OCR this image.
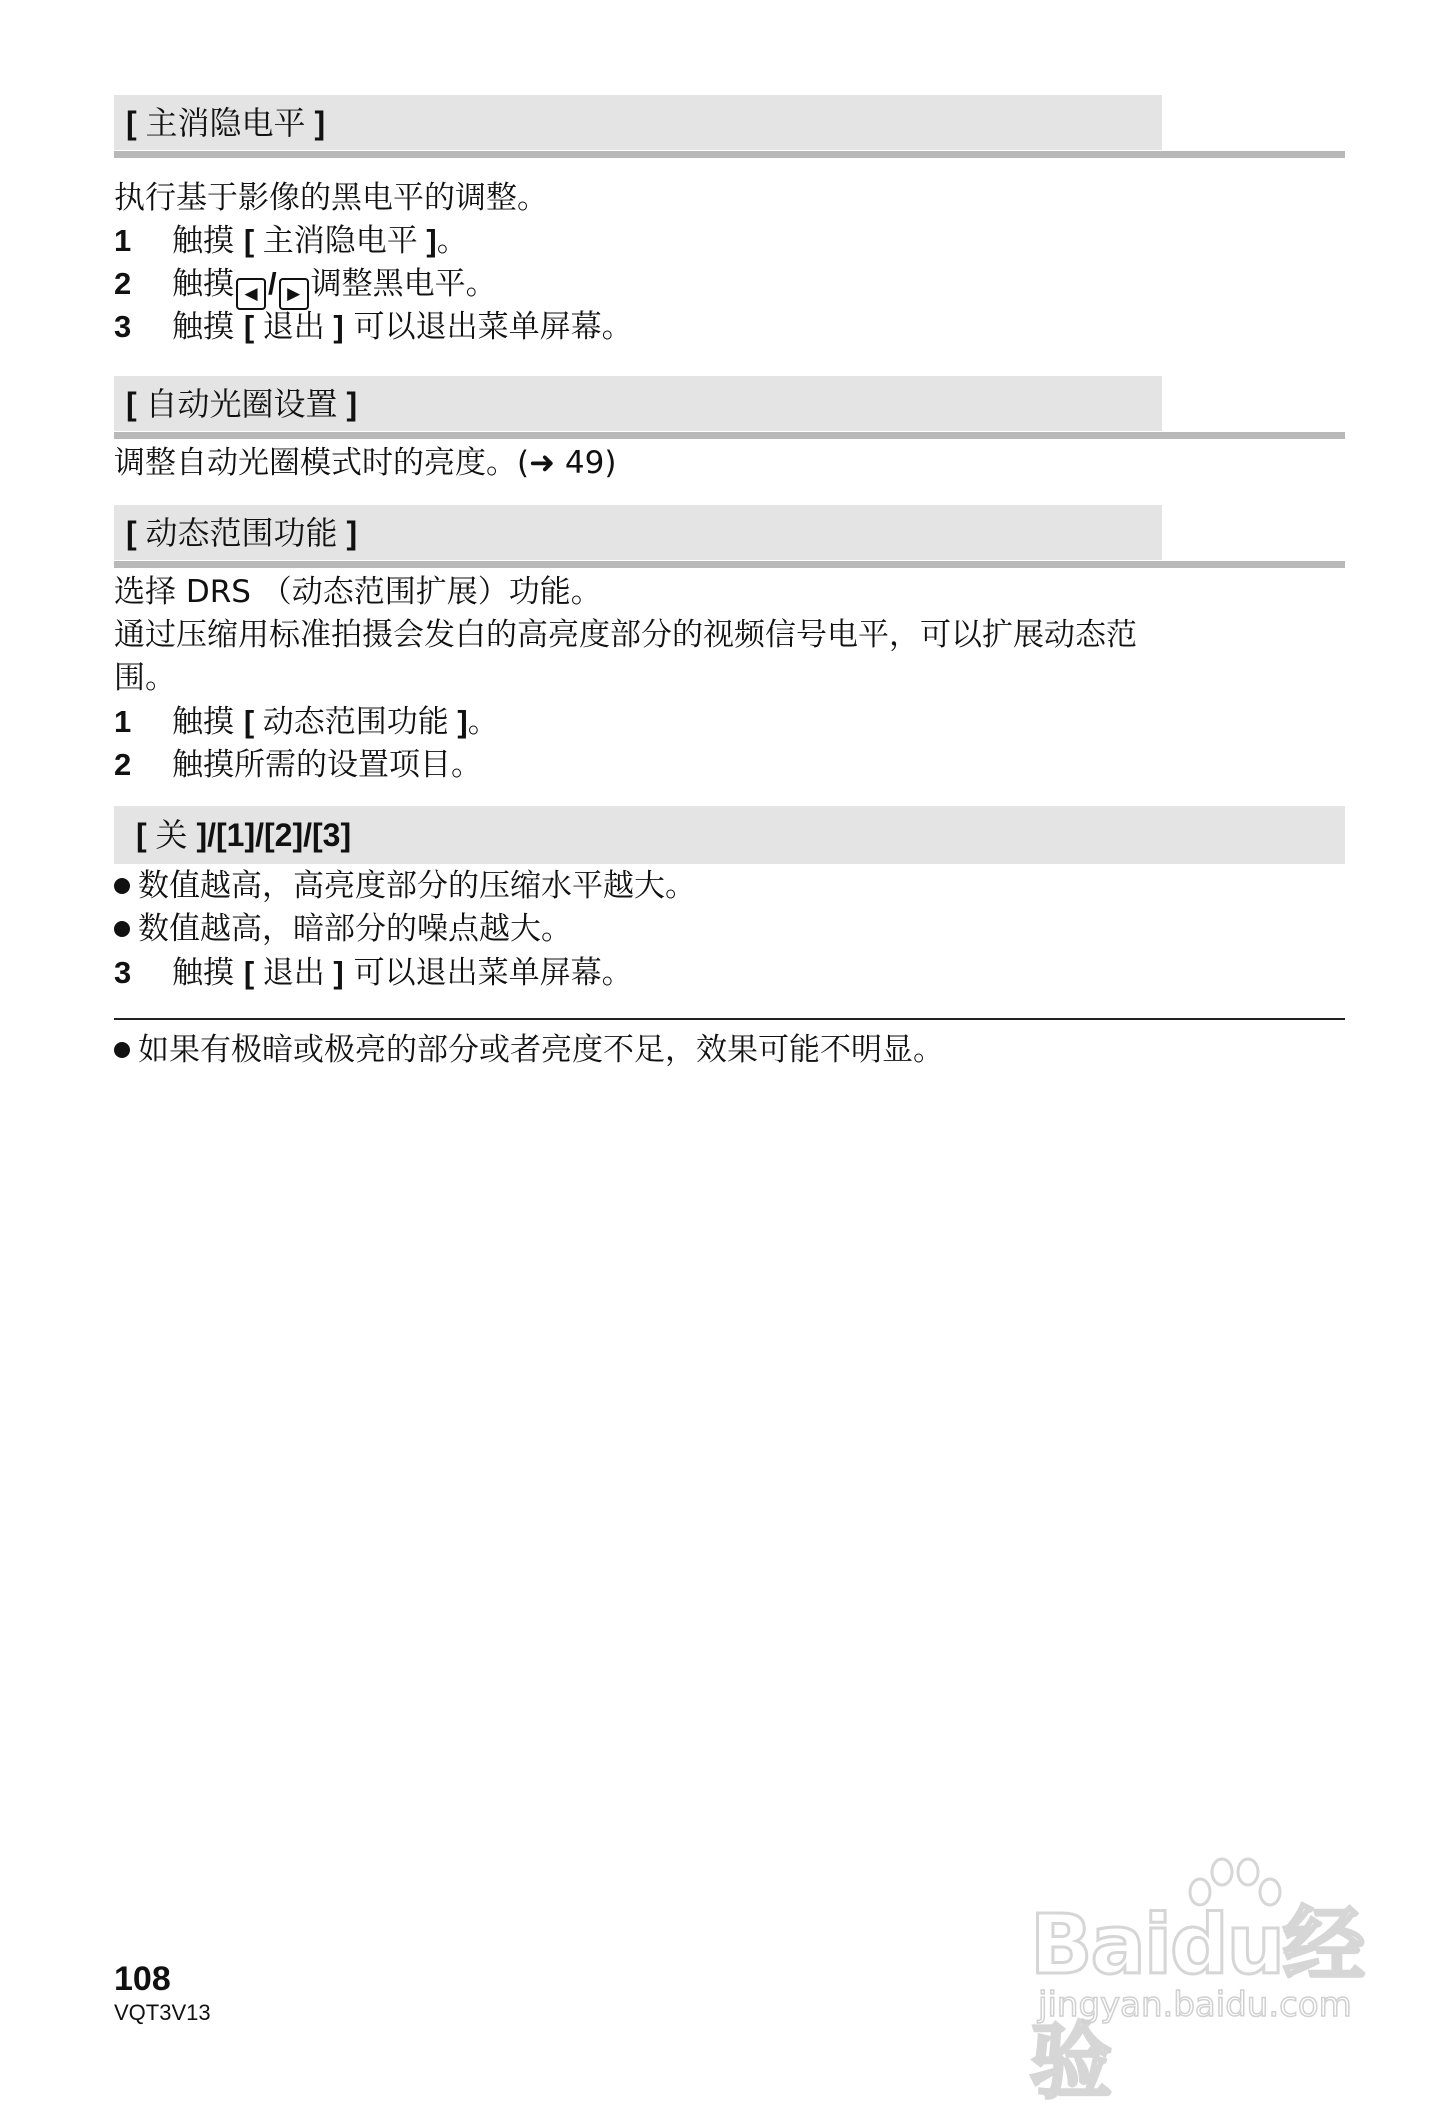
[ 主消隐电平 ]
执行基于影像的黑电平的调整。
1 触摸 [ 主消隐电平 ]。
2 触摸 ◀ / ▶ 调整黑电平。
3 触摸 [ 退出 ] 可以退出菜单屏幕。
[ 自动光圈设置 ]
调整自动光圈模式时的亮度。(➜ 49)
[ 动态范围功能 ]
选择 DRS （动态范围扩展）功能。
通过压缩用标准拍摄会发白的高亮度部分的视频信号电平，可以扩展动态范
围。
1 触摸 [ 动态范围功能 ]。
2 触摸所需的设置项目。
[ 关 ]/[1]/[2]/[3]
数值越高，高亮度部分的压缩水平越大。
数值越高，暗部分的噪点越大。
3 触摸 [ 退出 ] 可以退出菜单屏幕。
如果有极暗或极亮的部分或者亮度不足，效果可能不明显。
108
VQT3V13
Baidu经验
jingyan.baidu.com
